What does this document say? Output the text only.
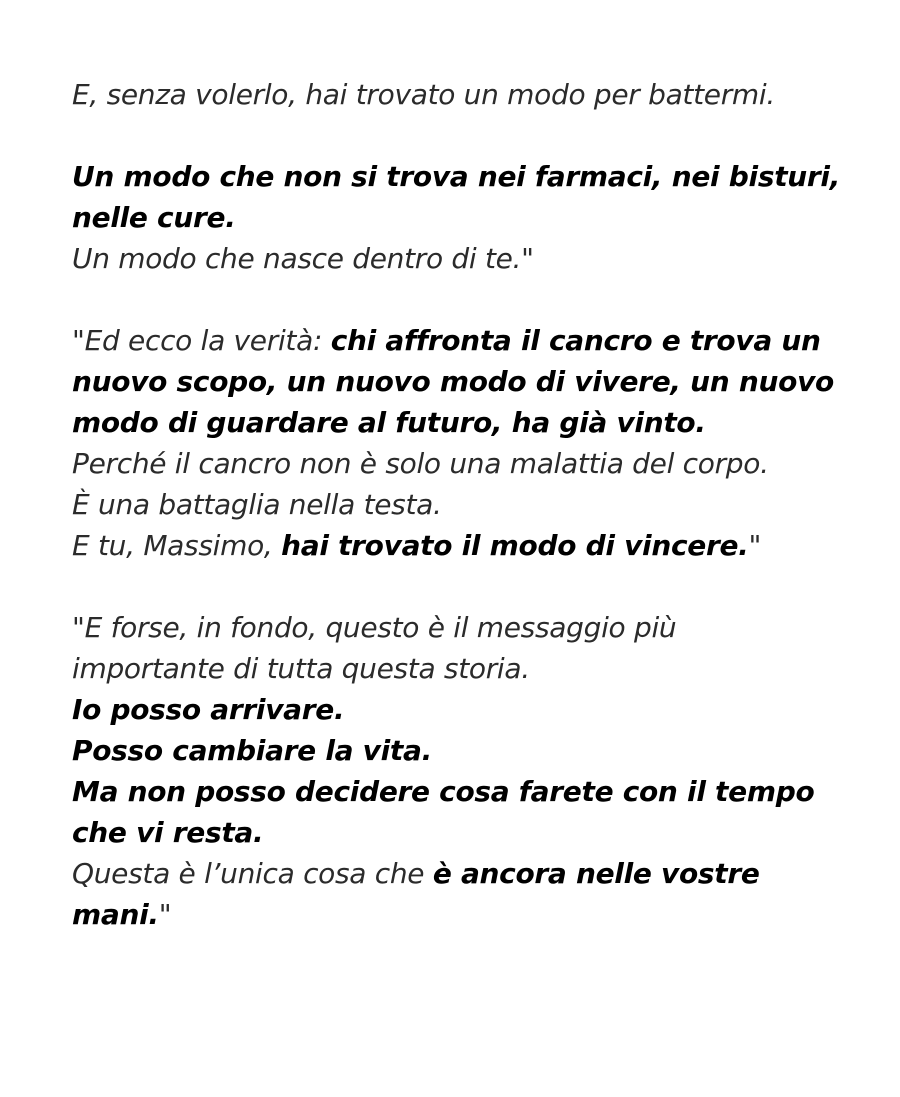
E, senza volerlo, hai trovato un modo per battermi.
Un modo che non si trova nei farmaci, nei bisturi,
nelle cure.
Un modo che nasce dentro di te."
"Ed ecco la verità: chi affronta il cancro e trova un
nuovo scopo, un nuovo modo di vivere, un nuovo
modo di guardare al futuro, ha già vinto.
Perché il cancro non è solo una malattia del corpo.
È una battaglia nella testa.
E tu, Massimo, hai trovato il modo di vincere."
"E forse, in fondo, questo è il messaggio più
importante di tutta questa storia.
Io posso arrivare.
Posso cambiare la vita.
Ma non posso decidere cosa farete con il tempo
che vi resta.
Questa è l’unica cosa che è ancora nelle vostre
mani."
